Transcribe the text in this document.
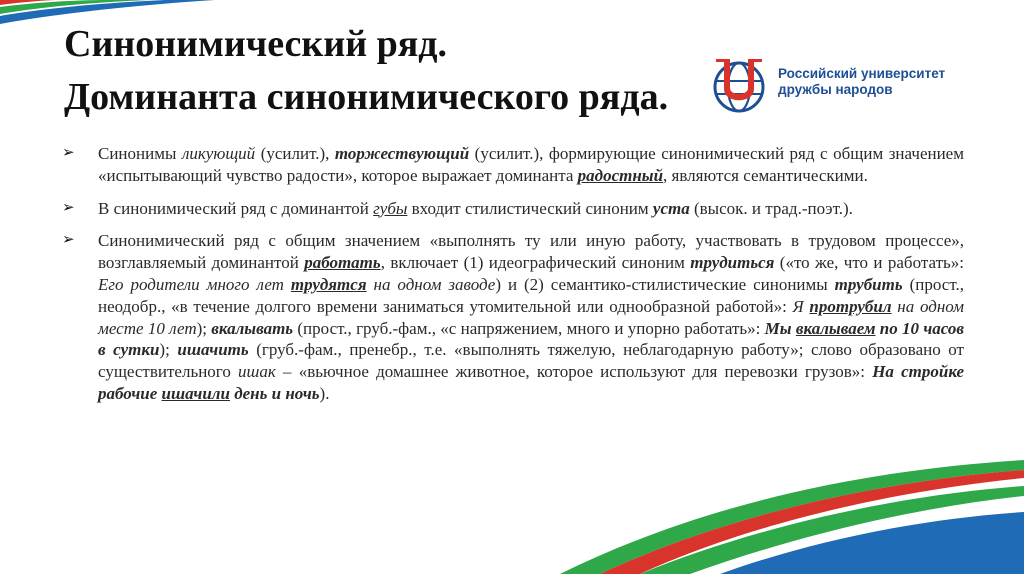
Синонимический ряд.
Доминанта синонимического ряда.
Российский университет
дружбы народов
➢ Синонимы ликующий (усилит.), торжествующий (усилит.), формирующие синонимический ряд с общим значением «испытывающий чувство радости», которое выражает доминанта радостный, являются семантическими.
➢ В синонимический ряд с доминантой губы входит стилистический синоним уста (высок. и трад.-поэт.).
➢ Синонимический ряд с общим значением «выполнять ту или иную работу, участвовать в трудовом процессе», возглавляемый доминантой работать, включает (1) идеографический синоним трудиться («то же, что и работать»: Его родители много лет трудятся на одном заводе) и (2) семантико-стилистические синонимы трубить (прост., неодобр., «в течение долгого времени заниматься утомительной или однообразной работой»: Я протрубил на одном месте 10 лет); вкалывать (прост., груб.-фам., «с напряжением, много и упорно работать»: Мы вкалываем по 10 часов в сутки); ишачить (груб.-фам., пренебр., т.е. «выполнять тяжелую, неблагодарную работу»; слово образовано от существительного ишак – «вьючное домашнее животное, которое используют для перевозки грузов»: На стройке рабочие ишачили день и ночь).
